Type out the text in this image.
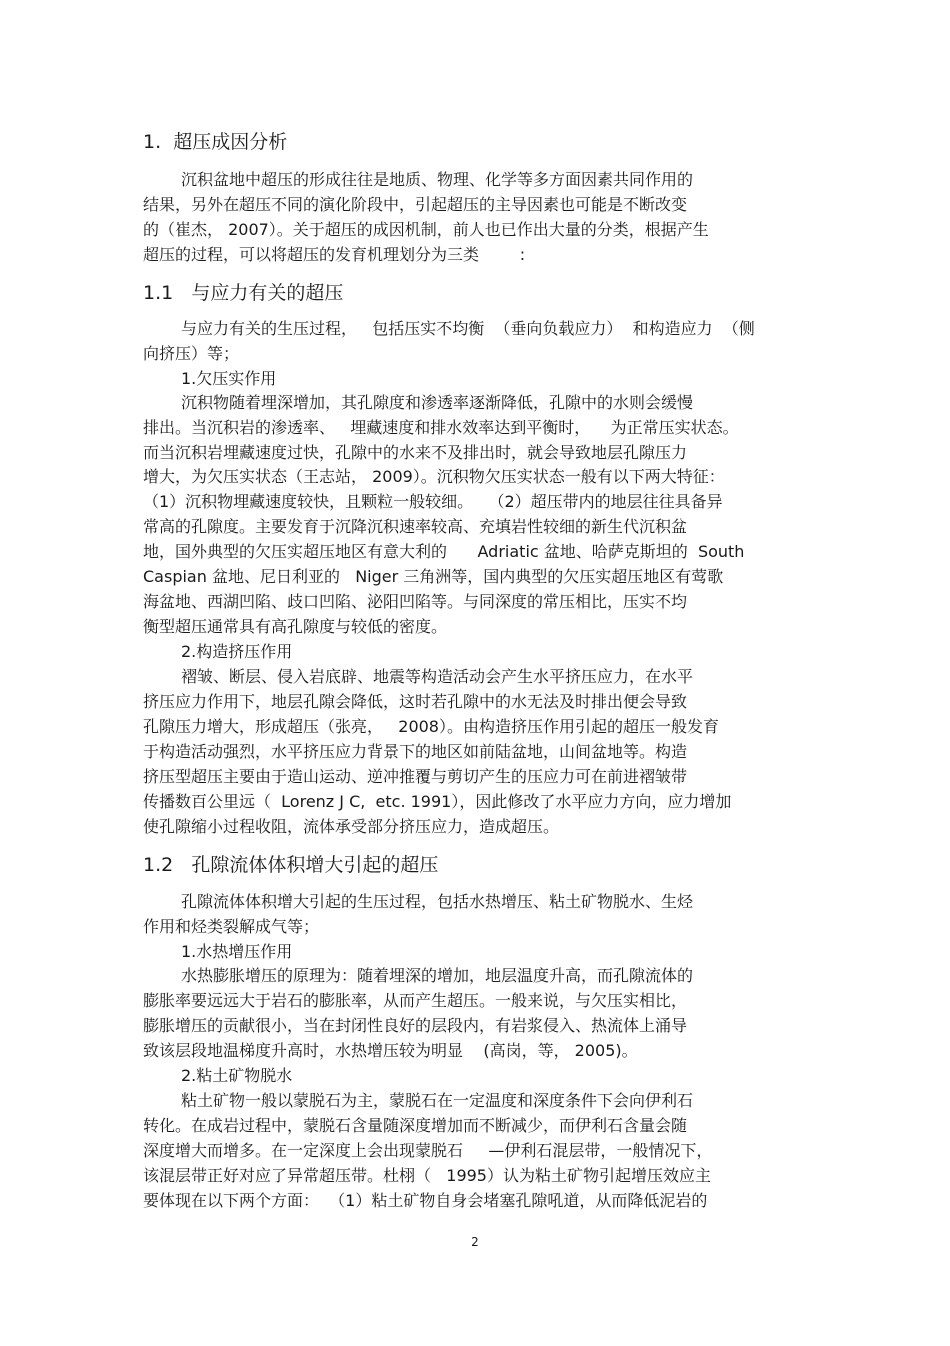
1.  超压成因分析
沉积盆地中超压的形成往往是地质、物理、化学等多方面因素共同作用的
结果，另外在超压不同的演化阶段中，引起超压的主导因素也可能是不断改变
的（崔杰， 2007）。关于超压的成因机制，前人也已作出大量的分类，根据产生
超压的过程，可以将超压的发育机理划分为三类        :
1.1   与应力有关的超压
与应力有关的生压过程，   包括压实不均衡  （垂向负载应力）  和构造应力  （侧
向挤压）等；
1.欠压实作用
沉积物随着埋深增加，其孔隙度和渗透率逐渐降低，孔隙中的水则会缓慢
排出。当沉积岩的渗透率、   埋藏速度和排水效率达到平衡时，    为正常压实状态。
而当沉积岩埋藏速度过快，孔隙中的水来不及排出时，就会导致地层孔隙压力
增大，为欠压实状态（王志站， 2009）。沉积物欠压实状态一般有以下两大特征：
（1）沉积物埋藏速度较快，且颗粒一般较细。   （2）超压带内的地层往往具备异
常高的孔隙度。主要发育于沉降沉积速率较高、充填岩性较细的新生代沉积盆
地，国外典型的欠压实超压地区有意大利的      Adriatic 盆地、哈萨克斯坦的  South
Caspian 盆地、尼日利亚的   Niger 三角洲等，国内典型的欠压实超压地区有莺歌
海盆地、西湖凹陷、歧口凹陷、泌阳凹陷等。与同深度的常压相比，压实不均
衡型超压通常具有高孔隙度与较低的密度。
2.构造挤压作用
褶皱、断层、侵入岩底辟、地震等构造活动会产生水平挤压应力，在水平
挤压应力作用下，地层孔隙会降低，这时若孔隙中的水无法及时排出便会导致
孔隙压力增大，形成超压（张亮，   2008）。由构造挤压作用引起的超压一般发育
于构造活动强烈，水平挤压应力背景下的地区如前陆盆地，山间盆地等。构造
挤压型超压主要由于造山运动、逆冲推覆与剪切产生的压应力可在前进褶皱带
传播数百公里远（  Lorenz J C,  etc. 1991），因此修改了水平应力方向，应力增加
使孔隙缩小过程收阻，流体承受部分挤压应力，造成超压。
1.2   孔隙流体体积增大引起的超压
孔隙流体体积增大引起的生压过程，包括水热增压、粘土矿物脱水、生烃
作用和烃类裂解成气等；
1.水热增压作用
水热膨胀增压的原理为：随着埋深的增加，地层温度升高，而孔隙流体的
膨胀率要远远大于岩石的膨胀率，从而产生超压。一般来说，与欠压实相比，
膨胀增压的贡献很小，当在封闭性良好的层段内，有岩浆侵入、热流体上涌导
致该层段地温梯度升高时，水热增压较为明显    (高岗，等， 2005)。
2.粘土矿物脱水
粘土矿物一般以蒙脱石为主，蒙脱石在一定温度和深度条件下会向伊利石
转化。在成岩过程中，蒙脱石含量随深度增加而不断减少，而伊利石含量会随
深度增大而增多。在一定深度上会出现蒙脱石     —伊利石混层带，一般情况下，
该混层带正好对应了异常超压带。杜栩（   1995）认为粘土矿物引起增压效应主
要体现在以下两个方面：  （1）粘土矿物自身会堵塞孔隙吼道，从而降低泥岩的
2
